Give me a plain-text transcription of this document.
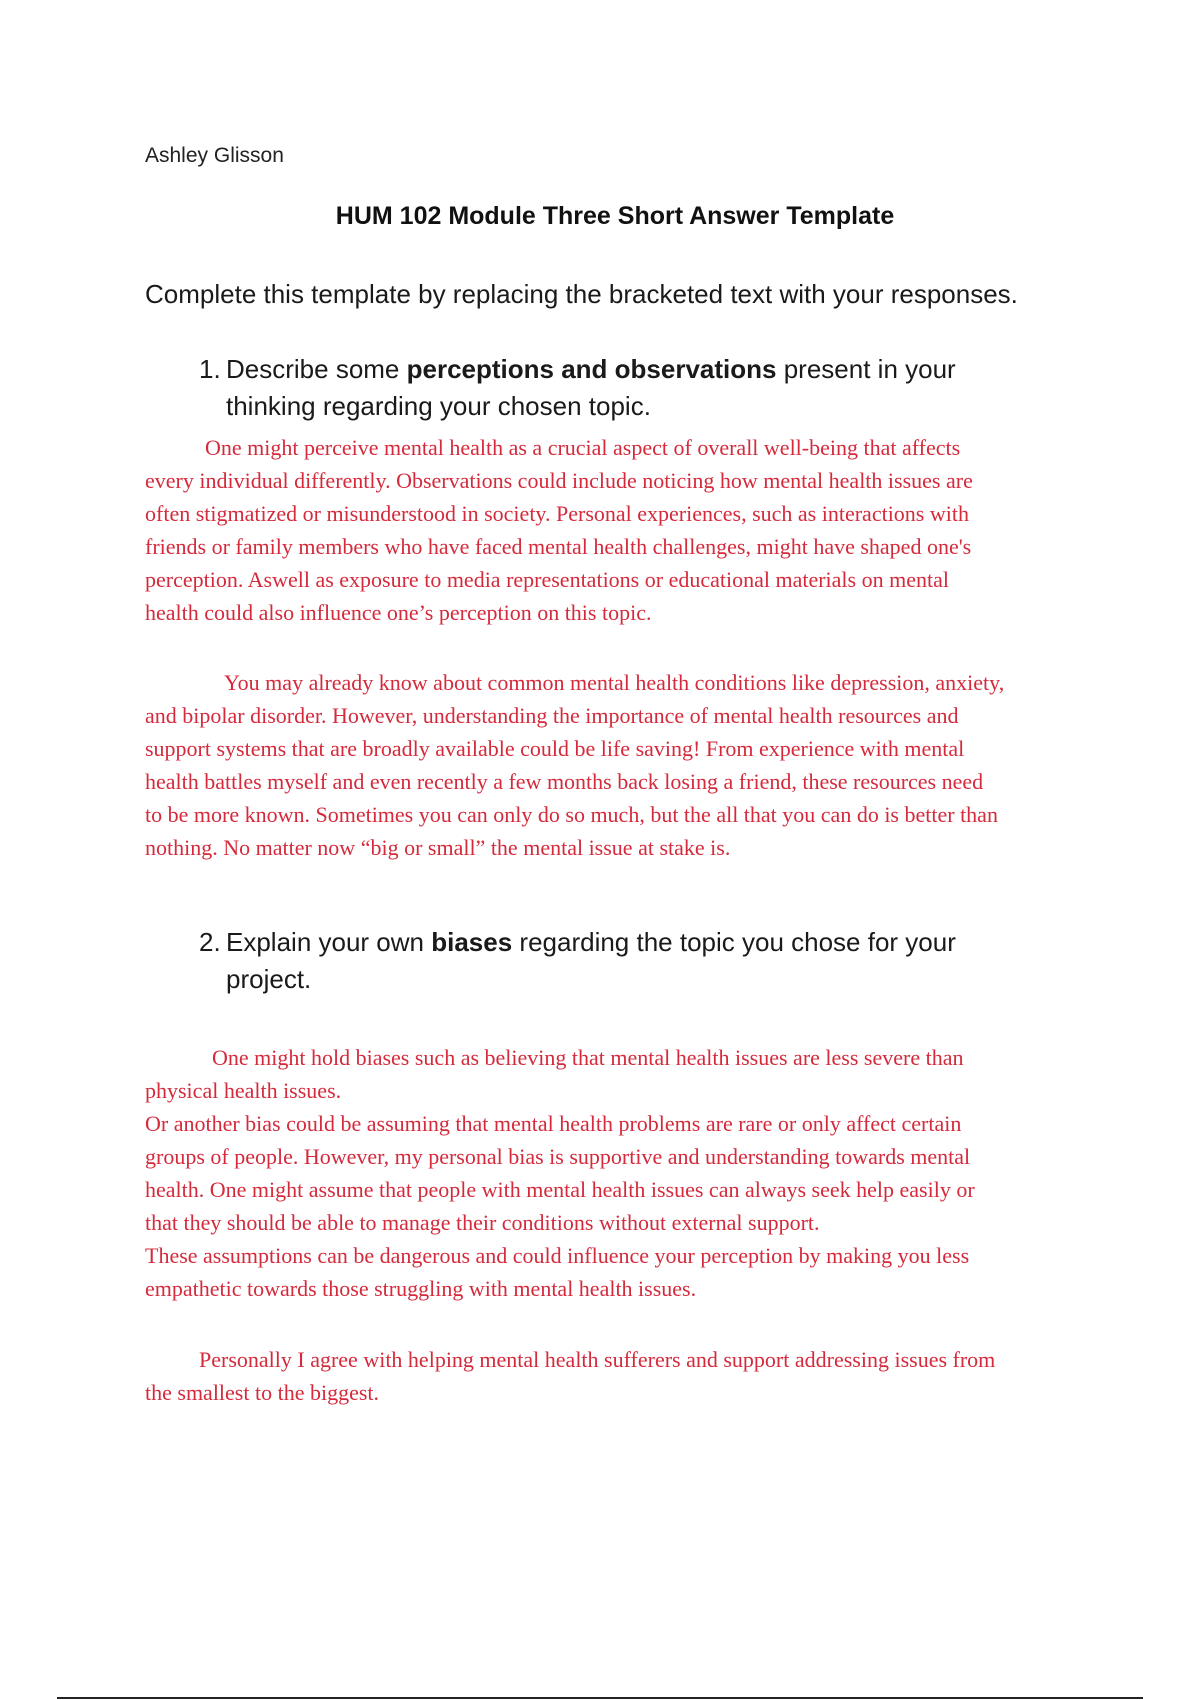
Ashley Glisson
HUM 102 Module Three Short Answer Template
Complete this template by replacing the bracketed text with your responses.
1. Describe some perceptions and observations present in your
thinking regarding your chosen topic.

One might perceive mental health as a crucial aspect of overall well-being that affects

every individual differently. Observations could include noticing how mental health issues are

often stigmatized or misunderstood in society. Personal experiences, such as interactions with

friends or family members who have faced mental health challenges, might have shaped one's

perception. Aswell as exposure to media representations or educational materials on mental

health could also influence one’s perception on this topic.

You may already know about common mental health conditions like depression, anxiety,

and bipolar disorder. However, understanding the importance of mental health resources and

support systems that are broadly available could be life saving! From experience with mental

health battles myself and even recently a few months back losing a friend, these resources need

to be more known. Sometimes you can only do so much, but the all that you can do is better than

nothing. No matter now “big or small” the mental issue at stake is.

2. Explain your own biases regarding the topic you chose for your
project.

One might hold biases such as believing that mental health issues are less severe than

physical health issues.

Or another bias could be assuming that mental health problems are rare or only affect certain

groups of people. However, my personal bias is supportive and understanding towards mental

health. One might assume that people with mental health issues can always seek help easily or

that they should be able to manage their conditions without external support.

These assumptions can be dangerous and could influence your perception by making you less

empathetic towards those struggling with mental health issues.

Personally I agree with helping mental health sufferers and support addressing issues from

the smallest to the biggest.
